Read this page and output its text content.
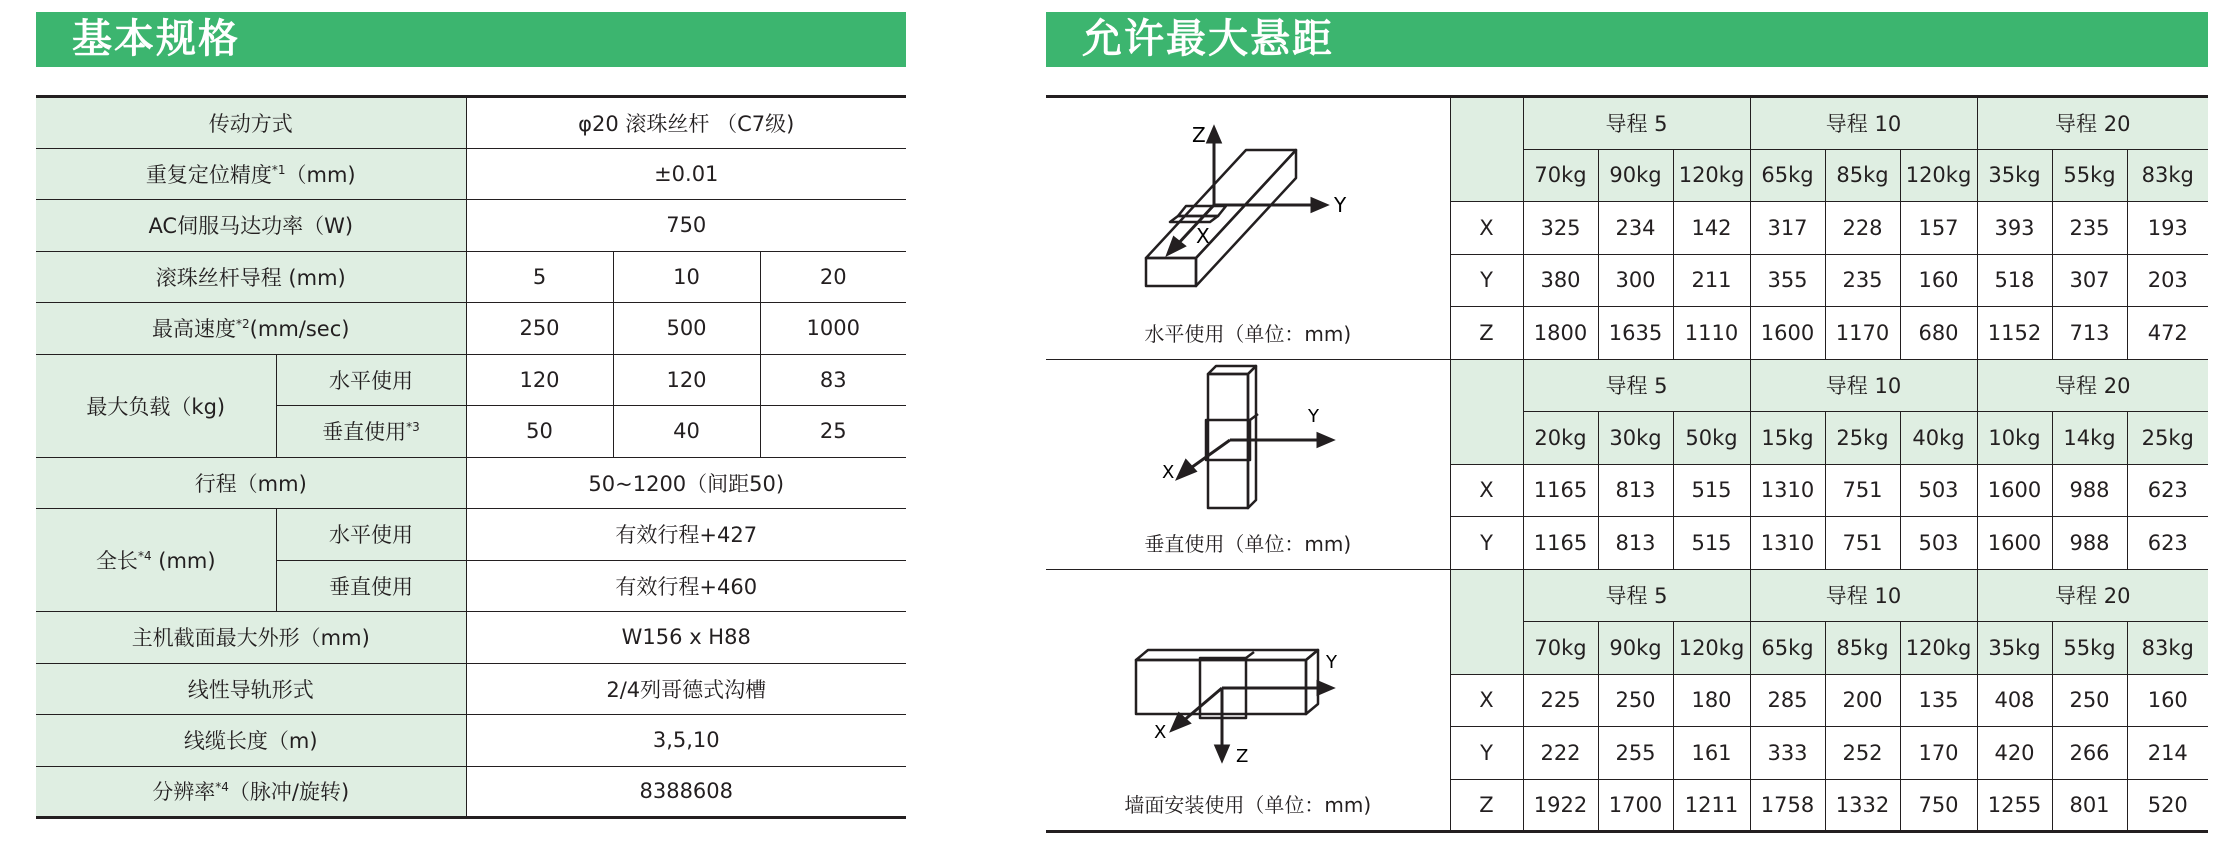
基本规格	允许最大悬距
传动方式		φ20 滚珠丝杆 （C7级)		
重复定位精度$^{*1}$（mm)		±0.01		
AC伺服马达功率（W)		750		
滚珠丝杆导程 (mm)		5	10	20
最高速度$^{*2}$(mm/sec)		250	500	1000
最大负载（kg)	水平使用	120	120	83
	垂直使用$^{*3}$	50	40	25
行程（mm)		50~1200（间距50)		
全长$^{*4}$ (mm)	水平使用	有效行程+427		
	垂直使用	有效行程+460		
主机截面最大外形（mm)		W156 x H88		
线性导轨形式		2/4列哥德式沟槽		
线缆长度（m)		3,5,10		
分辨率$^{*4}$（脉冲/旋转)		8388608		
Z
Y
X
水平使用（单位：mm)		导程 5			导程 10			导程 20		
		70kg	90kg	120kg	65kg	85kg	120kg	35kg	55kg	83kg
	X	325	234	142	317	228	157	393	235	193
	Y	380	300	211	355	235	160	518	307	203
	Z	1800	1635	1110	1600	1170	680	1152	713	472

Y
X
垂直使用（单位：mm)		导程 5			导程 10			导程 20		
		20kg	30kg	50kg	15kg	25kg	40kg	10kg	14kg	25kg
	X	1165	813	515	1310	751	503	1600	988	623
	Y	1165	813	515	1310	751	503	1600	988	623

Y
X
Z
墙面安装使用（单位：mm)		导程 5			导程 10			导程 20		
		70kg	90kg	120kg	65kg	85kg	120kg	35kg	55kg	83kg
	X	225	250	180	285	200	135	408	250	160
	Y	222	255	161	333	252	170	420	266	214
	Z	1922	1700	1211	1758	1332	750	1255	801	520
